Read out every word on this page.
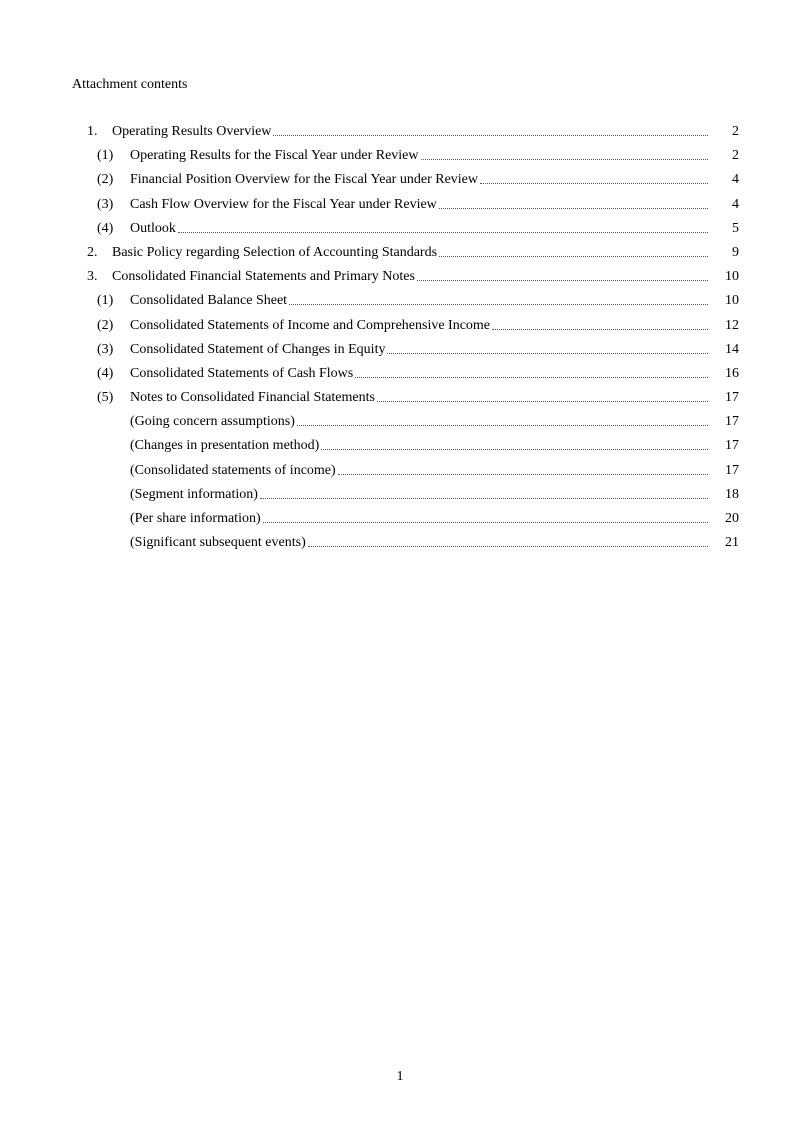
Attachment contents
1. Operating Results Overview	2
(1) Operating Results for the Fiscal Year under Review	2
(2) Financial Position Overview for the Fiscal Year under Review	4
(3) Cash Flow Overview for the Fiscal Year under Review	4
(4) Outlook	5
2. Basic Policy regarding Selection of Accounting Standards	9
3. Consolidated Financial Statements and Primary Notes	10
(1) Consolidated Balance Sheet	10
(2) Consolidated Statements of Income and Comprehensive Income	12
(3) Consolidated Statement of Changes in Equity	14
(4) Consolidated Statements of Cash Flows	16
(5) Notes to Consolidated Financial Statements	17
(Going concern assumptions)	17
(Changes in presentation method)	17
(Consolidated statements of income)	17
(Segment information)	18
(Per share information)	20
(Significant subsequent events)	21
1
